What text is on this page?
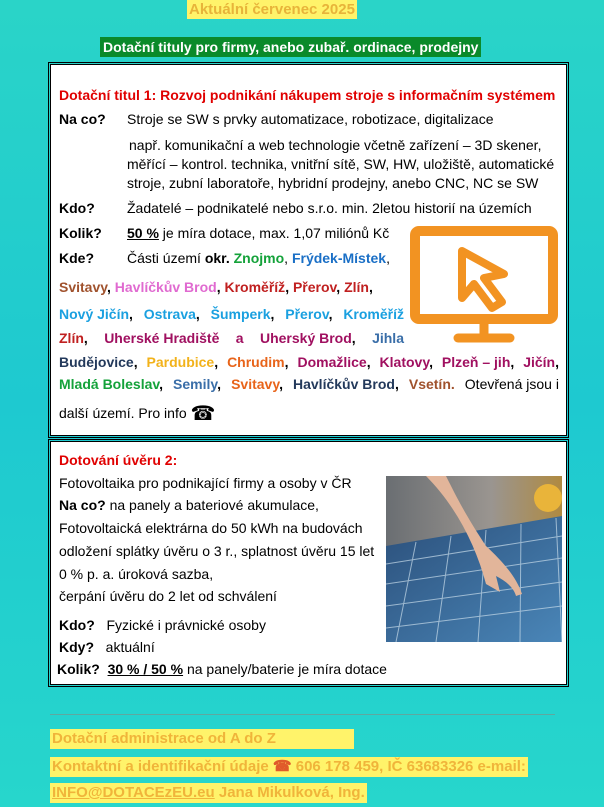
Aktuální červenec 2025
Dotační tituly pro firmy, anebo zubař. ordinace, prodejny
Dotační titul 1: Rozvoj podnikání nákupem stroje s informačním systémem
Na co? Stroje se SW s prvky automatizace, robotizace, digitalizace
např. komunikační a web technologie včetně zařízení – 3D skener,
měřící – kontrol. technika, vnitřní sítě, SW, HW, uložiště, automatické
stroje, zubní laboratoře, hybridní prodejny, anebo CNC, NC se SW
Kdo? Žadatelé – podnikatelé nebo s.r.o. min. 2letou historií na územích
Kolik? 50 % je míra dotace, max. 1,07 miliónů Kč
Kde? Části území okr. Znojmo, Frýdek-Místek,
Svitavy, Havlíčkův Brod, Kroměříž, Přerov, Zlín,
Nový Jičín, Ostrava, Šumperk, Přerov, Kroměříž
Zlín, Uherské Hradiště a Uherský Brod, Jihla
Budějovice, Pardubice, Chrudim, Domažlice, Klatovy, Plzeň – jih, Jičín,
Mladá Boleslav, Semily, Svitavy, Havlíčkův Brod, Vsetín. Otevřená jsou i
další území. Pro info ☎
Dotování úvěru 2:
Fotovoltaika pro podnikající firmy a osoby v ČR
Na co? na panely a bateriové akumulace,
Fotovoltaická elektrárna do 50 kWh na budovách
odložení splátky úvěru o 3 r., splatnost úvěru 15 let
0 % p. a. úroková sazba,
čerpání úvěru do 2 let od schválení
Kdo? Fyzické i právnické osoby
Kdy? aktuální
Kolik? 30 % / 50 % na panely/baterie je míra dotace
Dotační administrace od A do Z
Kontaktní a identifikační údaje ☎ 606 178 459, IČ 63683326 e-mail:
INFO@DOTACEzEU.eu Jana Mikulková, Ing.
